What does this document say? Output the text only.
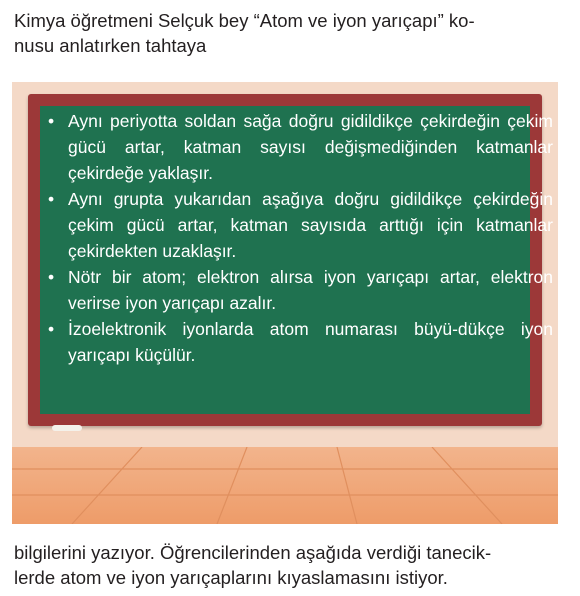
Kimya öğretmeni Selçuk bey “Atom ve iyon yarıçapı” ko-

nusu anlatırken tahtaya

• Aynı periyotta soldan sağa doğru gidildikçe çekirdeğin çekim gücü artar, katman sayısı değişmediğinden katmanlar çekirdeğe yaklaşır.
• Aynı grupta yukarıdan aşağıya doğru gidildikçe çekirdeğin çekim gücü artar, katman sayısıda arttığı için katmanlar çekirdekten uzaklaşır.
• Nötr bir atom; elektron alırsa iyon yarıçapı artar, elektron verirse iyon yarıçapı azalır.
• İzoelektronik iyonlarda atom numarası büyü-dükçe iyon yarıçapı küçülür.

bilgilerini yazıyor. Öğrencilerinden aşağıda verdiği tanecik-

lerde atom ve iyon yarıçaplarını kıyaslamasını istiyor.
